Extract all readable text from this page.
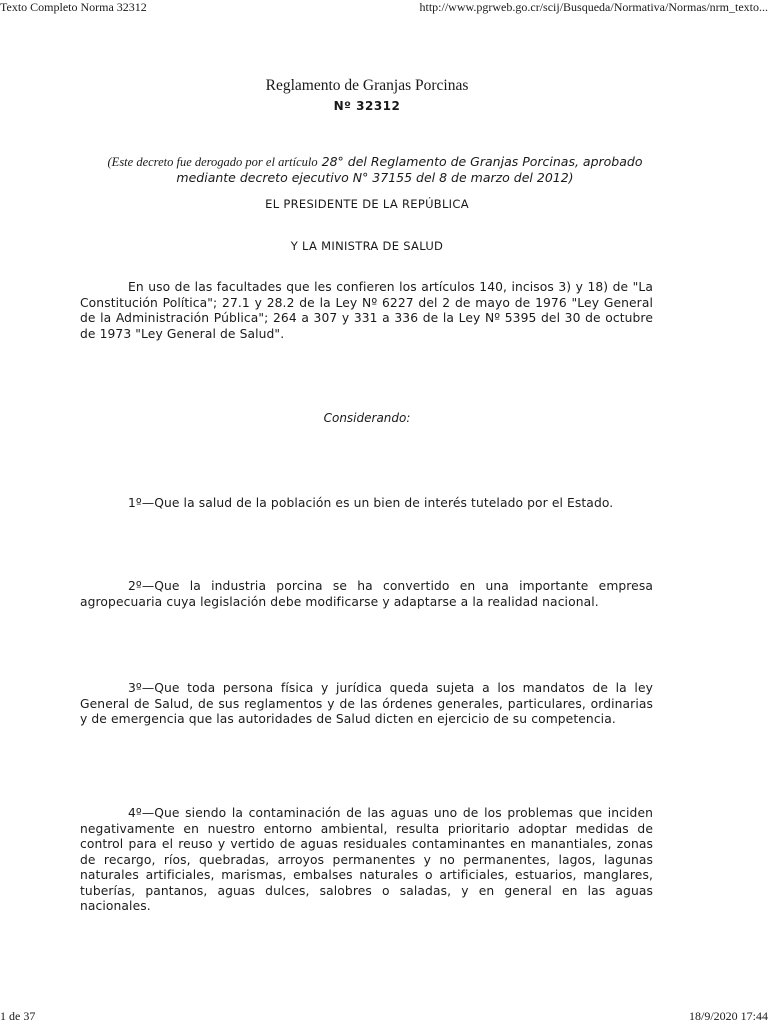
Texto Completo Norma 32312	http://www.pgrweb.go.cr/scij/Busqueda/Normativa/Normas/nrm_texto...
Reglamento de Granjas Porcinas
Nº 32312
(Este decreto fue derogado por el artículo 28° del Reglamento de Granjas Porcinas, aprobado mediante decreto ejecutivo N° 37155 del 8 de marzo del 2012)
EL PRESIDENTE DE LA REPÚBLICA
Y LA MINISTRA DE SALUD
En uso de las facultades que les confieren los artículos 140, incisos 3) y 18) de "La Constitución Política"; 27.1 y 28.2 de la Ley Nº 6227 del 2 de mayo de 1976 "Ley General de la Administración Pública"; 264 a 307 y 331 a 336 de la Ley Nº 5395 del 30 de octubre de 1973 "Ley General de Salud".
Considerando:
1º—Que la salud de la población es un bien de interés tutelado por el Estado.
2º—Que la industria porcina se ha convertido en una importante empresa agropecuaria cuya legislación debe modificarse y adaptarse a la realidad nacional.
3º—Que toda persona física y jurídica queda sujeta a los mandatos de la ley General de Salud, de sus reglamentos y de las órdenes generales, particulares, ordinarias y de emergencia que las autoridades de Salud dicten en ejercicio de su competencia.
4º—Que siendo la contaminación de las aguas uno de los problemas que inciden negativamente en nuestro entorno ambiental, resulta prioritario adoptar medidas de control para el reuso y vertido de aguas residuales contaminantes en manantiales, zonas de recargo, ríos, quebradas, arroyos permanentes y no permanentes, lagos, lagunas naturales artificiales, marismas, embalses naturales o artificiales, estuarios, manglares, tuberías, pantanos, aguas dulces, salobres o saladas, y en general en las aguas nacionales.
1 de 37	18/9/2020 17:44
